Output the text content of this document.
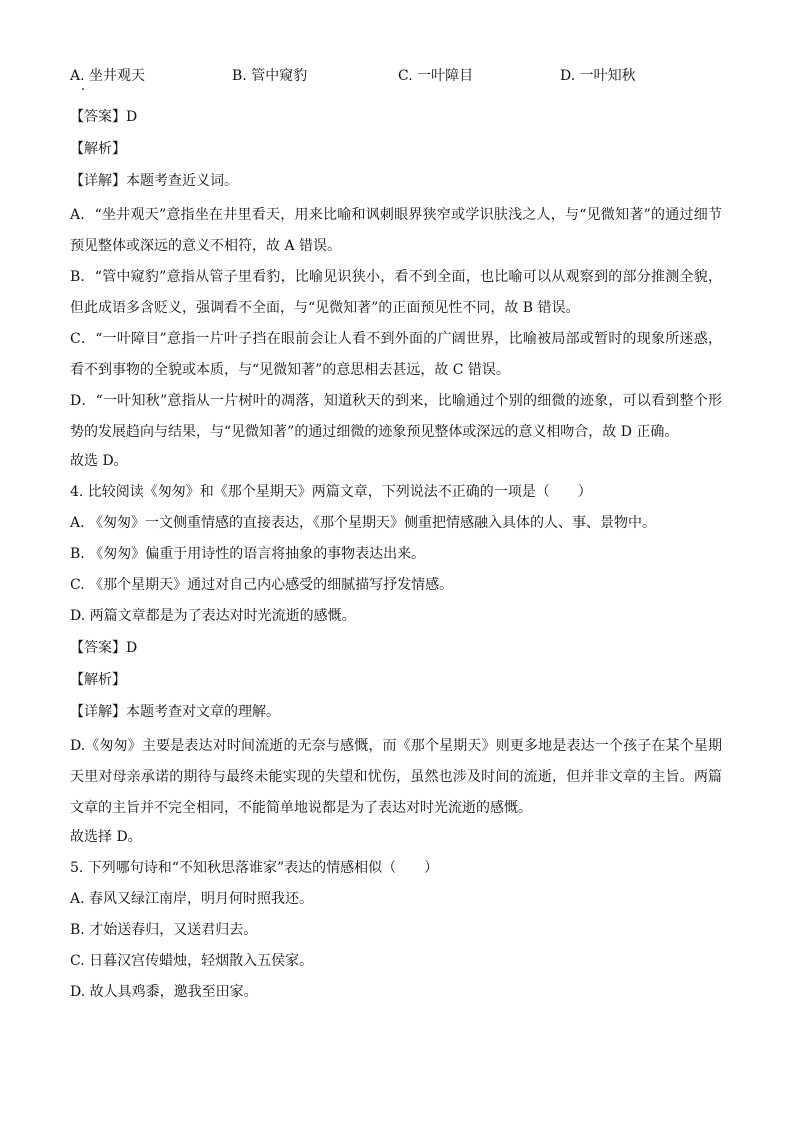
A. 坐井观天	B. 管中窥豹	C. 一叶障目	D. 一叶知秋
【答案】D
【解析】
【详解】本题考查近义词。
A．“坐井观天”意指坐在井里看天，用来比喻和讽刺眼界狭窄或学识肤浅之人，与“见微知著”的通过细节预见整体或深远的意义不相符，故 A 错误。
B．“管中窥豹”意指从管子里看豹，比喻见识狭小，看不到全面，也比喻可以从观察到的部分推测全貌，但此成语多含贬义，强调看不全面，与“见微知著”的正面预见性不同，故 B 错误。
C．“一叶障目”意指一片叶子挡在眼前会让人看不到外面的广阔世界，比喻被局部或暂时的现象所迷惑，看不到事物的全貌或本质，与“见微知著”的意思相去甚远，故 C 错误。
D．“一叶知秋”意指从一片树叶的凋落，知道秋天的到来，比喻通过个别的细微的迹象，可以看到整个形势的发展趋向与结果，与“见微知著”的通过细微的迹象预见整体或深远的意义相吻合，故 D 正确。
故选 D。
4. 比较阅读《匆匆》和《那个星期天》两篇文章，下列说法不正确的一项是（　　）
A. 《匆匆》一文侧重情感的直接表达，《那个星期天》侧重把情感融入具体的人、事、景物中。
B. 《匆匆》偏重于用诗性的语言将抽象的事物表达出来。
C. 《那个星期天》通过对自己内心感受的细腻描写抒发情感。
D. 两篇文章都是为了表达对时光流逝的感慨。
【答案】D
【解析】
【详解】本题考查对文章的理解。
D.《匆匆》主要是表达对时间流逝的无奈与感慨，而《那个星期天》则更多地是表达一个孩子在某个星期天里对母亲承诺的期待与最终未能实现的失望和忧伤，虽然也涉及时间的流逝，但并非文章的主旨。两篇文章的主旨并不完全相同，不能简单地说都是为了表达对时光流逝的感慨。
故选择 D。
5. 下列哪句诗和“不知秋思落谁家”表达的情感相似（　　）
A. 春风又绿江南岸，明月何时照我还。
B. 才始送春归，又送君归去。
C. 日暮汉宫传蜡烛，轻烟散入五侯家。
D. 故人具鸡黍，邀我至田家。
